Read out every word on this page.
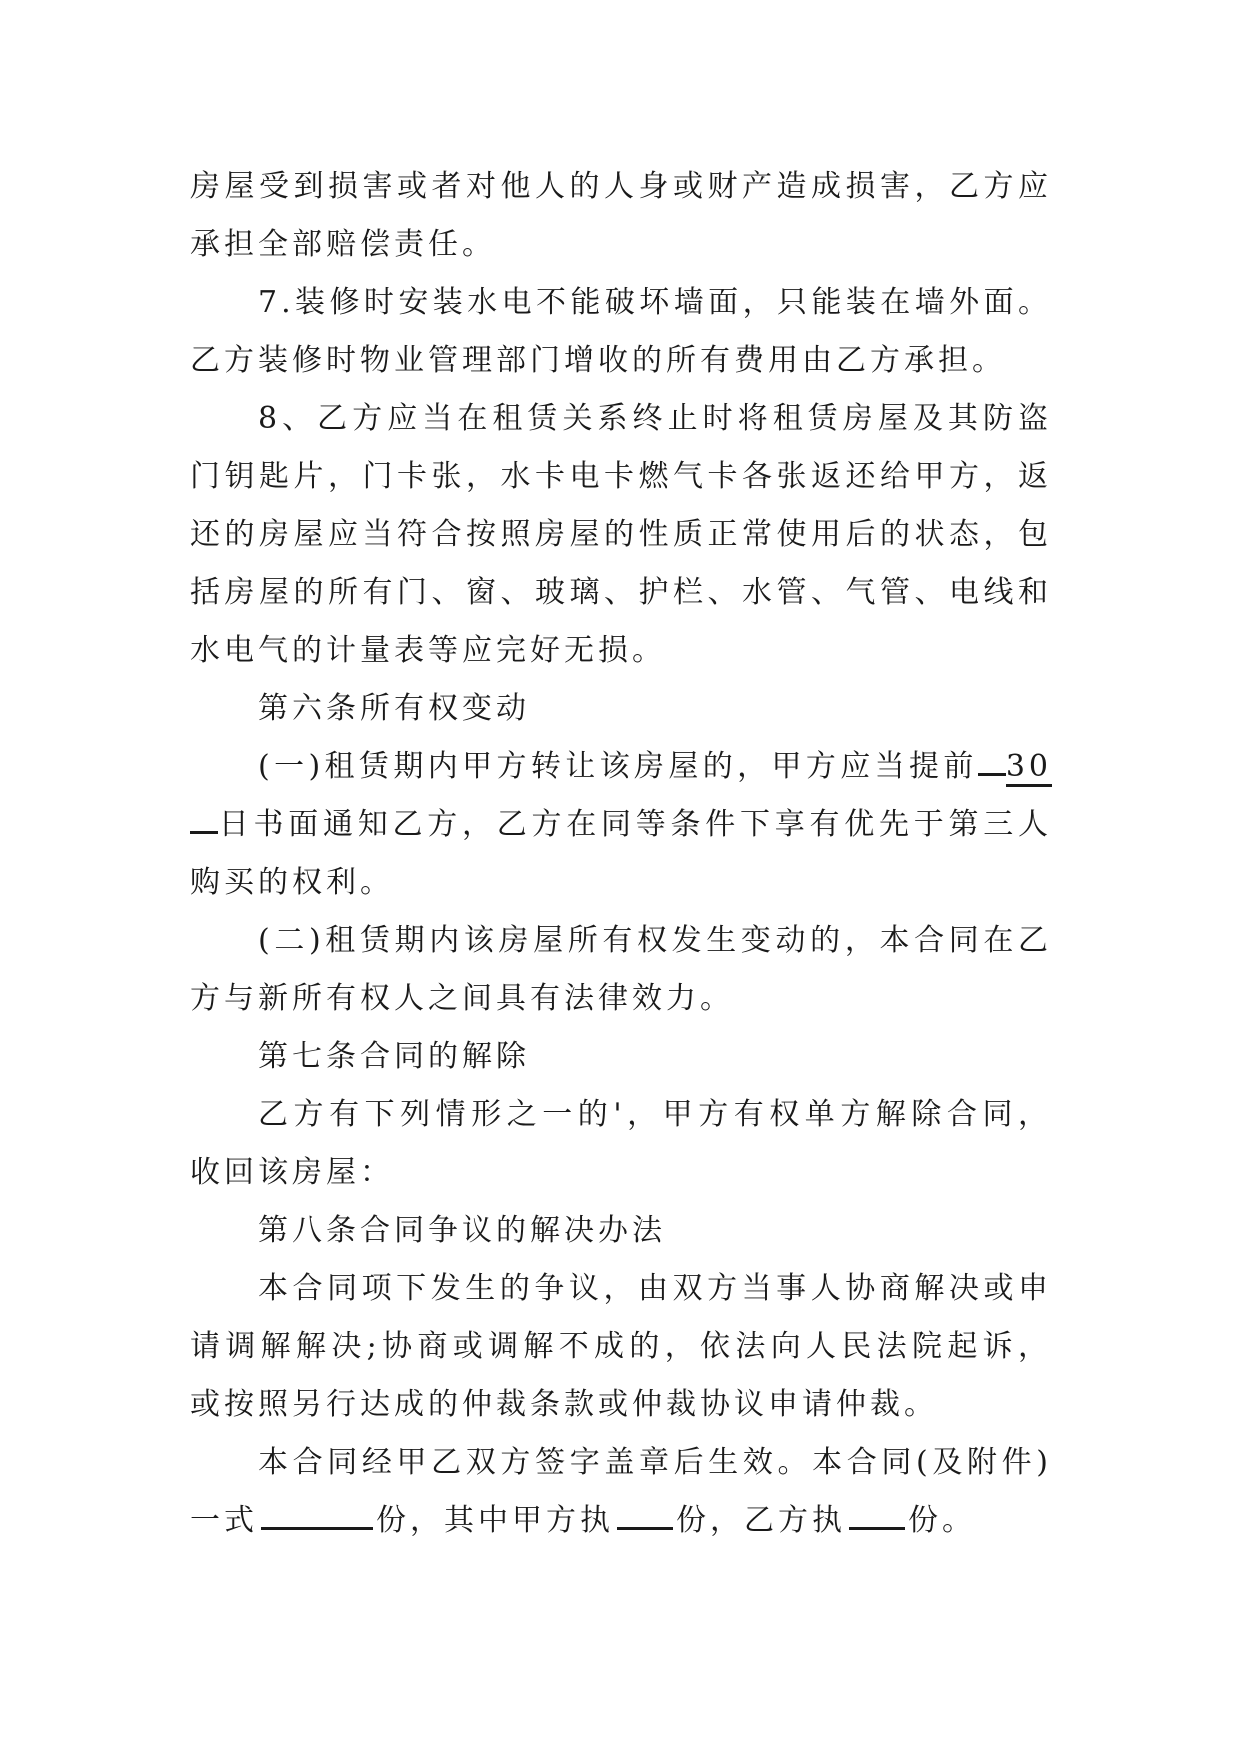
房屋受到损害或者对他人的人身或财产造成损害，乙方应承担全部赔偿责任。

7.装修时安装水电不能破坏墙面，只能装在墙外面。乙方装修时物业管理部门增收的所有费用由乙方承担。

8、乙方应当在租赁关系终止时将租赁房屋及其防盗门钥匙片，门卡张，水卡电卡燃气卡各张返还给甲方，返还的房屋应当符合按照房屋的性质正常使用后的状态，包括房屋的所有门、窗、玻璃、护栏、水管、气管、电线和水电气的计量表等应完好无损。

第六条所有权变动

(一)租赁期内甲方转让该房屋的，甲方应当提前 30日书面通知乙方，乙方在同等条件下享有优先于第三人购买的权利。

(二)租赁期内该房屋所有权发生变动的，本合同在乙方与新所有权人之间具有法律效力。

第七条合同的解除

乙方有下列情形之一的'，甲方有权单方解除合同，收回该房屋：

第八条合同争议的解决办法

本合同项下发生的争议，由双方当事人协商解决或申请调解解决;协商或调解不成的，依法向人民法院起诉，或按照另行达成的仲裁条款或仲裁协议申请仲裁。

本合同经甲乙双方签字盖章后生效。本合同(及附件)一式	份，其中甲方执 份，乙方执 份。
